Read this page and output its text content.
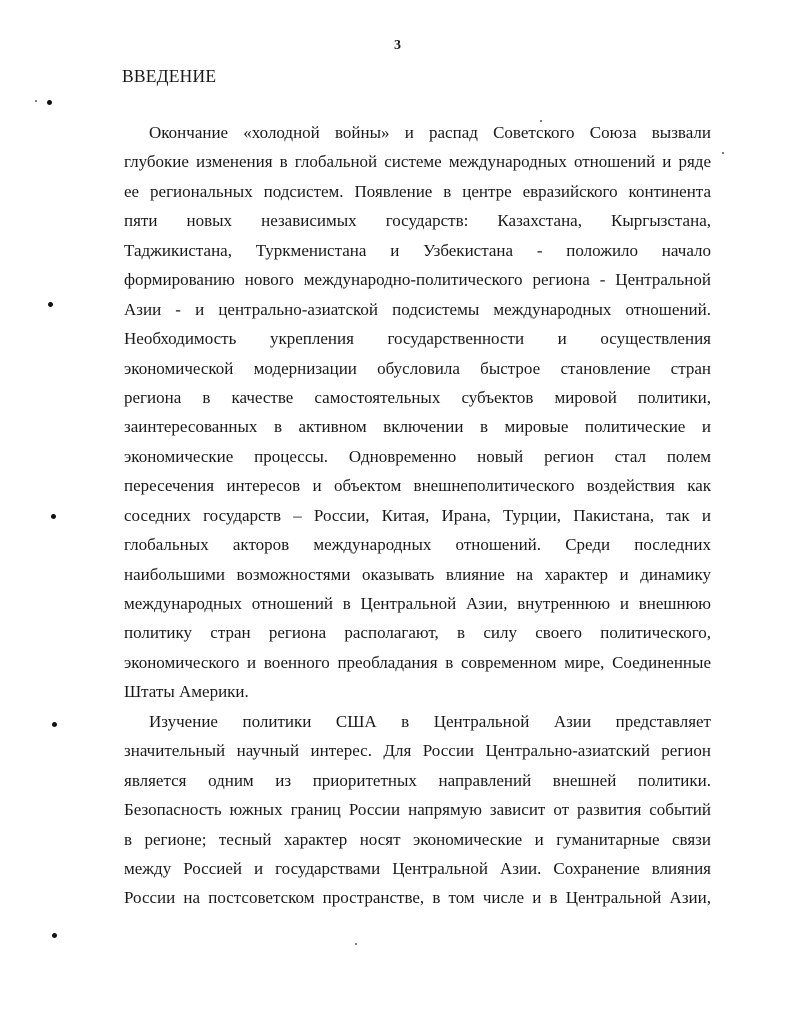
3
ВВЕДЕНИЕ
Окончание «холодной войны» и распад Советского Союза вызвали
глубокие изменения в глобальной системе международных отношений и ряде
ее региональных подсистем. Появление в центре евразийского континента
пяти новых независимых государств: Казахстана, Кыргызстана,
Таджикистана, Туркменистана и Узбекистана - положило начало
формированию нового международно-политического региона - Центральной
Азии - и центрально-азиатской подсистемы международных отношений.
Необходимость укрепления государственности и осуществления
экономической модернизации обусловила быстрое становление стран
региона в качестве самостоятельных субъектов мировой политики,
заинтересованных в активном включении в мировые политические и
экономические процессы. Одновременно новый регион стал полем
пересечения интересов и объектом внешнеполитического воздействия как
соседних государств – России, Китая, Ирана, Турции, Пакистана, так и
глобальных акторов международных отношений. Среди последних
наибольшими возможностями оказывать влияние на характер и динамику
международных отношений в Центральной Азии, внутреннюю и внешнюю
политику стран региона располагают, в силу своего политического,
экономического и военного преобладания в современном мире, Соединенные
Штаты Америки.
Изучение политики США в Центральной Азии представляет
значительный научный интерес. Для России Центрально-азиатский регион
является одним из приоритетных направлений внешней политики.
Безопасность южных границ России напрямую зависит от развития событий
в регионе; тесный характер носят экономические и гуманитарные связи
между Россией и государствами Центральной Азии. Сохранение влияния
России на постсоветском пространстве, в том числе и в Центральной Азии,
